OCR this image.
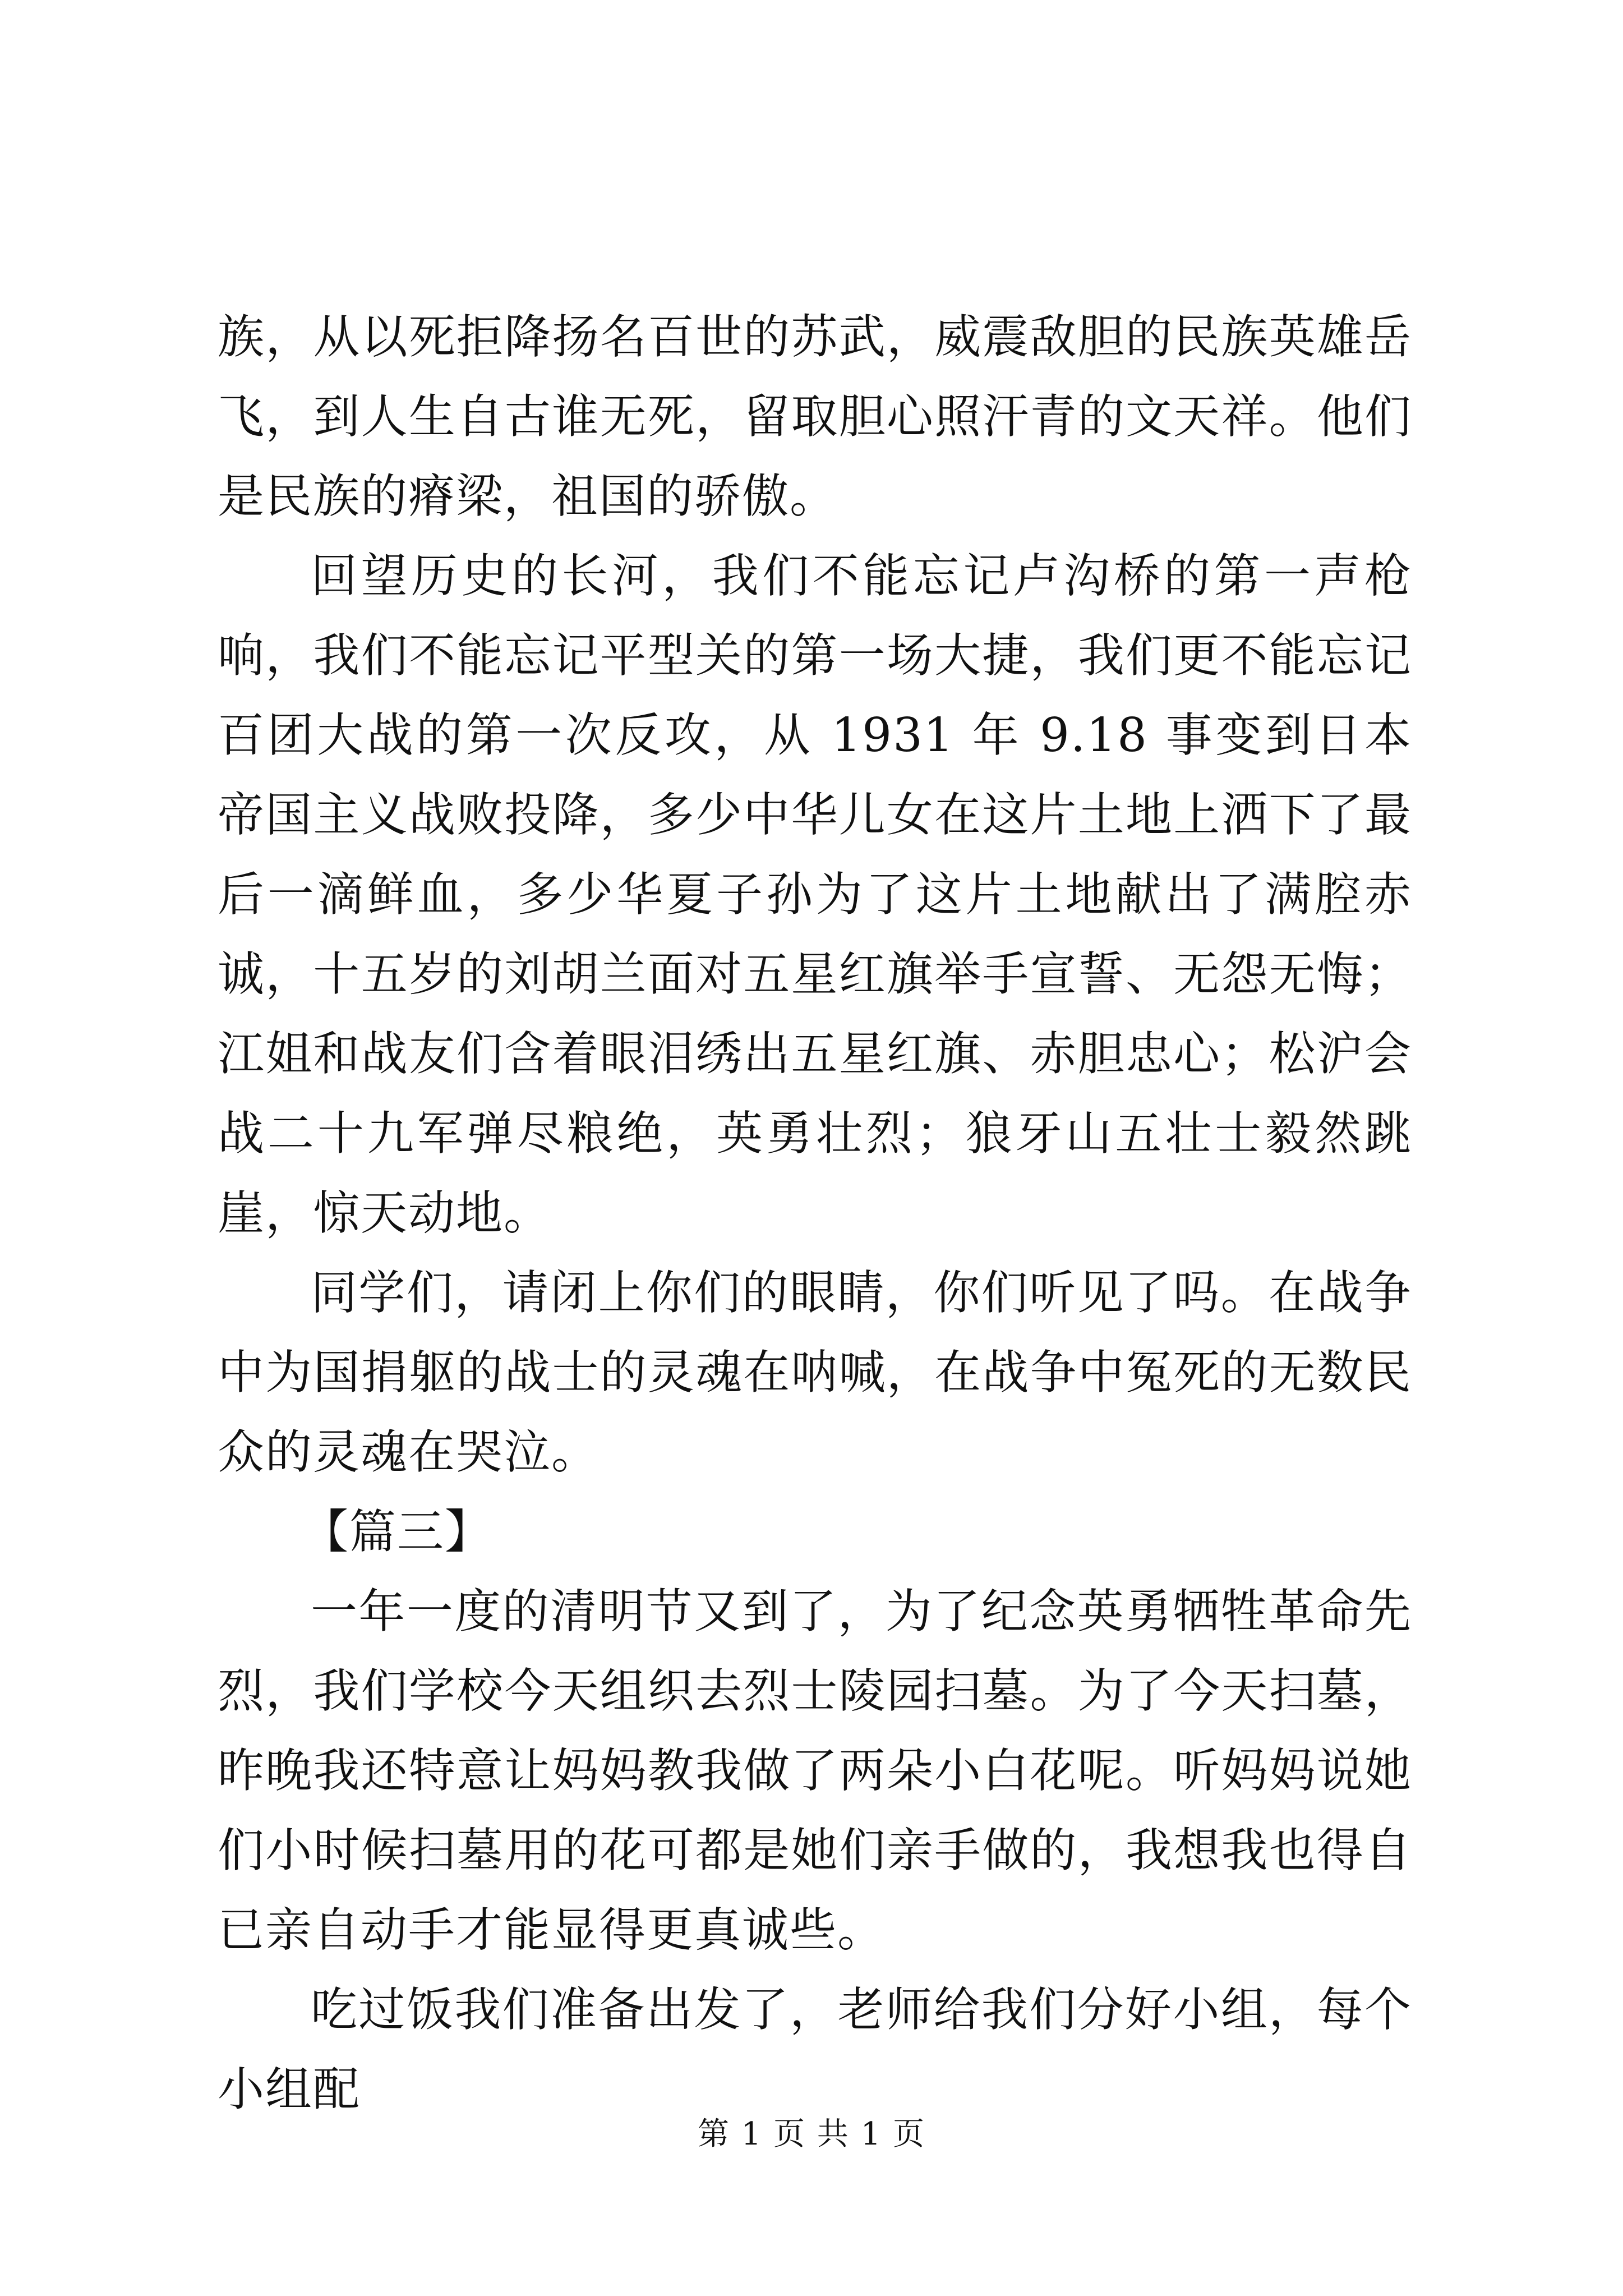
族，从以死拒降扬名百世的苏武，威震敌胆的民族英雄岳飞，到人生自古谁无死，留取胆心照汗青的文天祥。他们是民族的瘠梁，祖国的骄傲。

回望历史的长河，我们不能忘记卢沟桥的第一声枪响，我们不能忘记平型关的第一场大捷，我们更不能忘记百团大战的第一次反攻，从 1931 年 9.18 事变到日本帝国主义战败投降，多少中华儿女在这片土地上洒下了最后一滴鲜血，多少华夏子孙为了这片土地献出了满腔赤诚，十五岁的刘胡兰面对五星红旗举手宣誓、无怨无悔；江姐和战友们含着眼泪绣出五星红旗、赤胆忠心；松沪会战二十九军弹尽粮绝，英勇壮烈；狼牙山五壮士毅然跳崖，惊天动地。

同学们，请闭上你们的眼睛，你们听见了吗。在战争中为国捐躯的战士的灵魂在呐喊，在战争中冤死的无数民众的灵魂在哭泣。

【篇三】

一年一度的清明节又到了，为了纪念英勇牺牲革命先烈，我们学校今天组织去烈士陵园扫墓。为了今天扫墓，昨晚我还特意让妈妈教我做了两朵小白花呢。听妈妈说她们小时候扫墓用的花可都是她们亲手做的，我想我也得自已亲自动手才能显得更真诚些。

吃过饭我们准备出发了，老师给我们分好小组，每个小组配

第 1 页 共 1 页
